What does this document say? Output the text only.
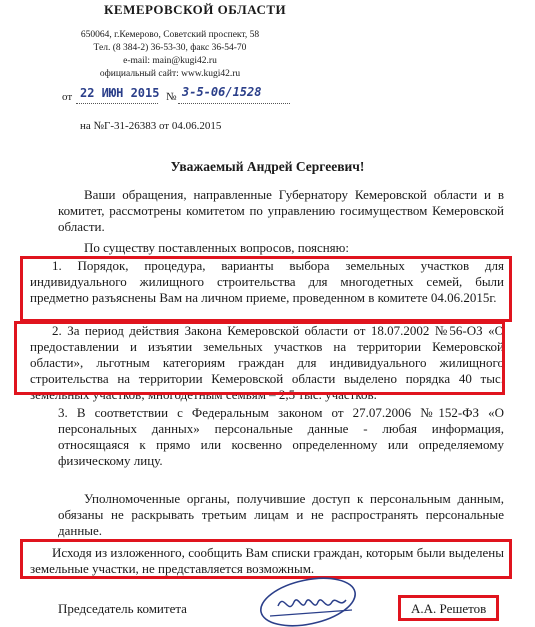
КЕМЕРОВСКОЙ ОБЛАСТИ
650064, г.Кемерово, Советский проспект, 58
Тел. (8 384-2) 36-53-30, факс 36-54-70
e-mail: main@kugi42.ru
официальный сайт: www.kugi42.ru
от 22 ИЮН 2015 № 3-5-06/1528
на №Г-31-26383 от 04.06.2015
Уважаемый Андрей Сергеевич!
Ваши обращения, направленные Губернатору Кемеровской области и в комитет, рассмотрены комитетом по управлению госимуществом Кемеровской области.
По существу поставленных вопросов, поясняю:
1. Порядок, процедура, варианты выбора земельных участков для индивидуального жилищного строительства для многодетных семей, были предметно разъяснены Вам на личном приеме, проведенном в комитете 04.06.2015г.
2. За период действия Закона Кемеровской области от 18.07.2002 №56-ОЗ «О предоставлении и изъятии земельных участков на территории Кемеровской области», льготным категориям граждан для индивидуального жилищного строительства на территории Кемеровской области выделено порядка 40 тыс. земельных участков, многодетным семьям – 2,5 тыс. участков.
3. В соответствии с Федеральным законом от 27.07.2006 №152-ФЗ «О персональных данных» персональные данные - любая информация, относящаяся к прямо или косвенно определенному или определяемому физическому лицу.
Уполномоченные органы, получившие доступ к персональным данным, обязаны не раскрывать третьим лицам и не распространять персональные данные.
Исходя из изложенного, сообщить Вам списки граждан, которым были выделены земельные участки, не представляется возможным.
Председатель комитета	А.А. Решетов
